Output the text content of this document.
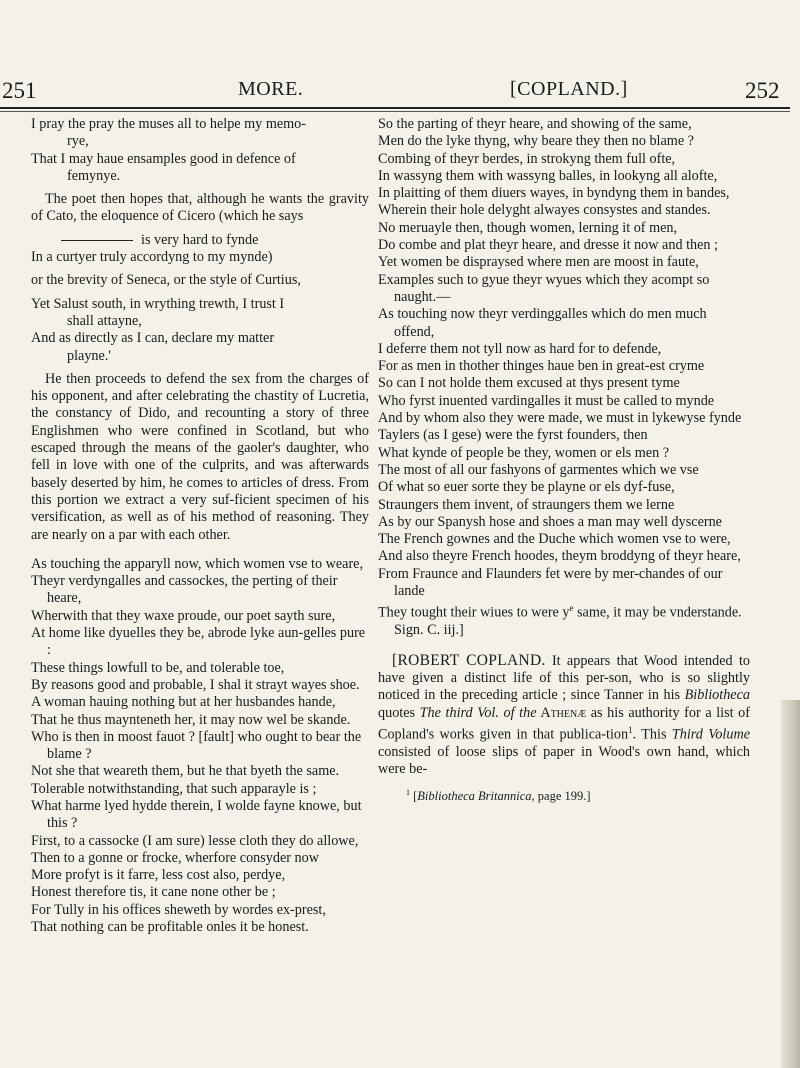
251	MORE.	[COPLAND.]	252

I pray the pray the muses all to helpe my memo-

rye,

That I may haue ensamples good in defence of

femynye.

The poet then hopes that, although he wants the gravity of Cato, the eloquence of Cicero (which he says

is very hard to fynde

In a curtyer truly accordyng to my mynde)

or the brevity of Seneca, or the style of Curtius,

Yet Salust south, in wrything trewth, I trust I

shall attayne,

And as directly as I can, declare my matter

playne.'

He then proceeds to defend the sex from the charges of his opponent, and after celebrating the chastity of Lucretia, the constancy of Dido, and recounting a story of three Englishmen who were confined in Scotland, but who escaped through the means of the gaoler's daughter, who fell in love with one of the culprits, and was afterwards basely deserted by him, he comes to articles of dress. From this portion we extract a very suf-ficient specimen of his versification, as well as of his method of reasoning. They are nearly on a par with each other.

As touching the apparyll now, which women vse to weare,

Theyr verdyngalles and cassockes, the perting of their heare,

Wherwith that they waxe proude, our poet sayth sure,

At home like dyuelles they be, abrode lyke aun-gelles pure :

These things lowfull to be, and tolerable toe,

By reasons good and probable, I shal it strayt wayes shoe.

A woman hauing nothing but at her husbandes hande,

That he thus maynteneth her, it may now wel be skande.

Who is then in moost fauot ? [fault] who ought to bear the blame ?

Not she that weareth them, but he that byeth the same.

Tolerable notwithstanding, that such apparayle is ;

What harme lyed hydde therein, I wolde fayne knowe, but this ?

First, to a cassocke (I am sure) lesse cloth they do allowe,

Then to a gonne or frocke, wherfore consyder now

More profyt is it farre, less cost also, perdye,

Honest therefore tis, it cane none other be ;

For Tully in his offices sheweth by wordes ex-prest,

That nothing can be profitable onles it be honest.

So the parting of theyr heare, and showing of the same,

Men do the lyke thyng, why beare they then no blame ?

Combing of theyr berdes, in strokyng them full ofte,

In wassyng them with wassyng balles, in lookyng all alofte,

In plaitting of them diuers wayes, in byndyng them in bandes,

Wherein their hole delyght alwayes consystes and standes.

No meruayle then, though women, lerning it of men,

Do combe and plat theyr heare, and dresse it now and then ;

Yet women be dispraysed where men are moost in faute,

Examples such to gyue theyr wyues which they acompt so naught.—

As touching now theyr verdinggalles which do men much offend,

I deferre them not tyll now as hard for to defende,

For as men in thother thinges haue ben in great-est cryme

So can I not holde them excused at thys present tyme

Who fyrst inuented vardingalles it must be called to mynde

And by whom also they were made, we must in lykewyse fynde

Taylers (as I gese) were the fyrst founders, then

What kynde of people be they, women or els men ?

The most of all our fashyons of garmentes which we vse

Of what so euer sorte they be playne or els dyf-fuse,

Straungers them invent, of straungers them we lerne

As by our Spanysh hose and shoes a man may well dyscerne

The French gownes and the Duche which women vse to were,

And also theyre French hoodes, theym broddyng of theyr heare,

From Fraunce and Flaunders fet were by mer-chandes of our lande

They tought their wiues to were $y^e$ same, it may be vnderstande.    Sign. C. iij.]

[ROBERT COPLAND. It appears that Wood intended to have given a distinct life of this per-son, who is so slightly noticed in the preceding article ; since Tanner in his Bibliotheca quotes The third Vol. of the Athenæ as his authority for a list of Copland's works given in that publica-tion$^1$. This Third Volume consisted of loose slips of paper in Wood's own hand, which were be-

$^1$ [Bibliotheca Britannica, page 199.]
